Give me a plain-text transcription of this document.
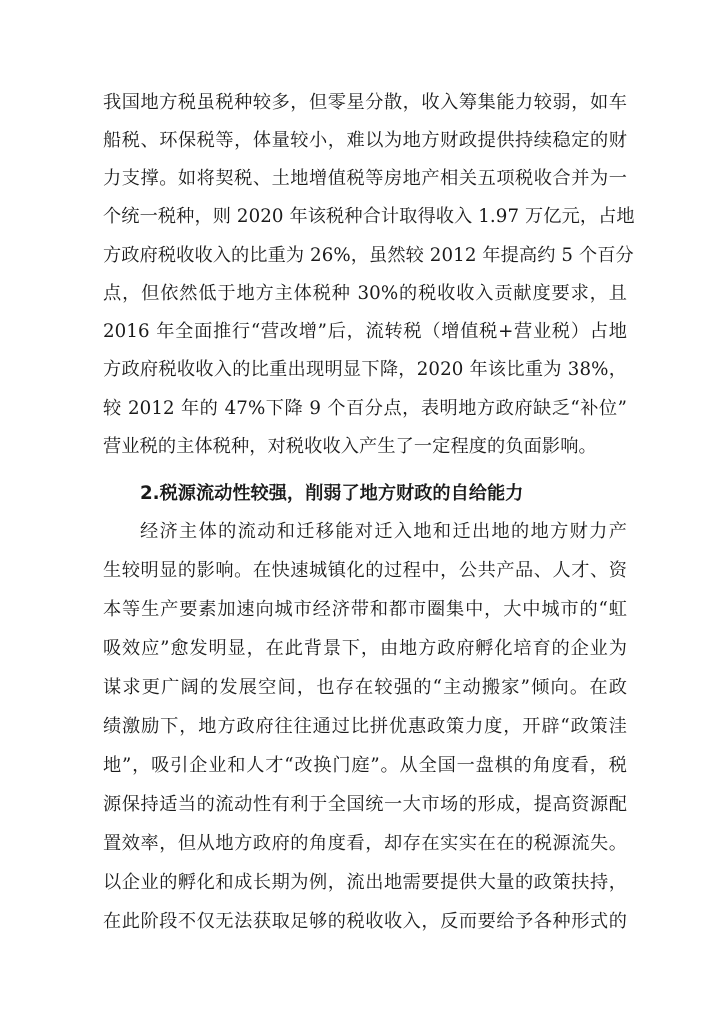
我国地方税虽税种较多，但零星分散，收入筹集能力较弱，如车
船税、环保税等，体量较小，难以为地方财政提供持续稳定的财
力支撑。如将契税、土地增值税等房地产相关五项税收合并为一
个统一税种，则 2020 年该税种合计取得收入 1.97 万亿元，占地
方政府税收收入的比重为 26%，虽然较 2012 年提高约 5 个百分
点，但依然低于地方主体税种 30%的税收收入贡献度要求，且
2016 年全面推行“营改增”后，流转税（增值税+营业税）占地
方政府税收收入的比重出现明显下降，2020 年该比重为 38%，
较 2012 年的 47%下降 9 个百分点，表明地方政府缺乏“补位”
营业税的主体税种，对税收收入产生了一定程度的负面影响。
2.税源流动性较强，削弱了地方财政的自给能力
经济主体的流动和迁移能对迁入地和迁出地的地方财力产
生较明显的影响。在快速城镇化的过程中，公共产品、人才、资
本等生产要素加速向城市经济带和都市圈集中，大中城市的“虹
吸效应”愈发明显，在此背景下，由地方政府孵化培育的企业为
谋求更广阔的发展空间，也存在较强的“主动搬家”倾向。在政
绩激励下，地方政府往往通过比拼优惠政策力度，开辟“政策洼
地”，吸引企业和人才“改换门庭”。从全国一盘棋的角度看，税
源保持适当的流动性有利于全国统一大市场的形成，提高资源配
置效率，但从地方政府的角度看，却存在实实在在的税源流失。
以企业的孵化和成长期为例，流出地需要提供大量的政策扶持，
在此阶段不仅无法获取足够的税收收入，反而要给予各种形式的
